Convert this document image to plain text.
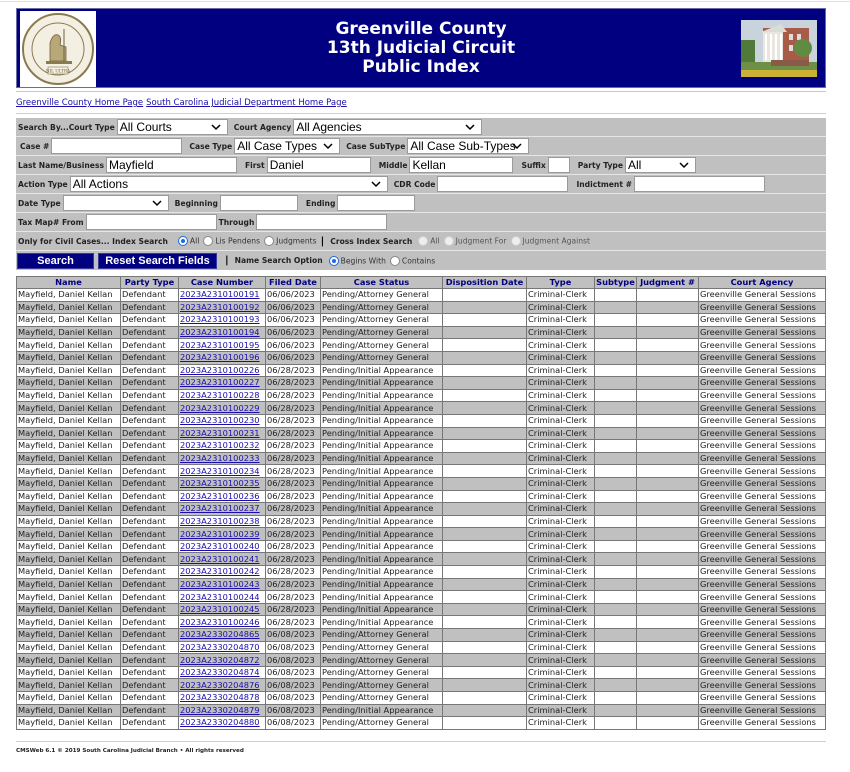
NIL ULTRA
Greenville County
13th Judicial Circuit
Public Index
Greenville County Home Page South Carolina Judicial Department Home Page
Search By...Court Type All Courts	Court Agency All Agencies
Case #	Case Type All Case Types	Case SubType All Case Sub-Types
Last Name/Business Mayfield	First Daniel	Middle Kellan	Suffix	Party Type All
Action Type All Actions	CDR Code	Indictment #
Date Type	Beginning	Ending
Tax Map# From	Through
Only for Civil Cases... Index Search	All	Lis Pendens	Judgments | Cross Index Search	All	Judgment For	Judgment Against
Search	Reset Search Fields	| Name Search Option	Begins With	Contains
Name	Party Type	Case Number	Filed Date	Case Status	Disposition Date	Type	Subtype	Judgment #	Court Agency
Mayfield, Daniel Kellan	Defendant	2023A2310100191	06/06/2023	Pending/Attorney General		Criminal-Clerk			Greenville General Sessions
Mayfield, Daniel Kellan	Defendant	2023A2310100192	06/06/2023	Pending/Attorney General		Criminal-Clerk			Greenville General Sessions
Mayfield, Daniel Kellan	Defendant	2023A2310100193	06/06/2023	Pending/Attorney General		Criminal-Clerk			Greenville General Sessions
Mayfield, Daniel Kellan	Defendant	2023A2310100194	06/06/2023	Pending/Attorney General		Criminal-Clerk			Greenville General Sessions
Mayfield, Daniel Kellan	Defendant	2023A2310100195	06/06/2023	Pending/Attorney General		Criminal-Clerk			Greenville General Sessions
Mayfield, Daniel Kellan	Defendant	2023A2310100196	06/06/2023	Pending/Attorney General		Criminal-Clerk			Greenville General Sessions
Mayfield, Daniel Kellan	Defendant	2023A2310100226	06/28/2023	Pending/Initial Appearance		Criminal-Clerk			Greenville General Sessions
Mayfield, Daniel Kellan	Defendant	2023A2310100227	06/28/2023	Pending/Initial Appearance		Criminal-Clerk			Greenville General Sessions
Mayfield, Daniel Kellan	Defendant	2023A2310100228	06/28/2023	Pending/Initial Appearance		Criminal-Clerk			Greenville General Sessions
Mayfield, Daniel Kellan	Defendant	2023A2310100229	06/28/2023	Pending/Initial Appearance		Criminal-Clerk			Greenville General Sessions
Mayfield, Daniel Kellan	Defendant	2023A2310100230	06/28/2023	Pending/Initial Appearance		Criminal-Clerk			Greenville General Sessions
Mayfield, Daniel Kellan	Defendant	2023A2310100231	06/28/2023	Pending/Initial Appearance		Criminal-Clerk			Greenville General Sessions
Mayfield, Daniel Kellan	Defendant	2023A2310100232	06/28/2023	Pending/Initial Appearance		Criminal-Clerk			Greenville General Sessions
Mayfield, Daniel Kellan	Defendant	2023A2310100233	06/28/2023	Pending/Initial Appearance		Criminal-Clerk			Greenville General Sessions
Mayfield, Daniel Kellan	Defendant	2023A2310100234	06/28/2023	Pending/Initial Appearance		Criminal-Clerk			Greenville General Sessions
Mayfield, Daniel Kellan	Defendant	2023A2310100235	06/28/2023	Pending/Initial Appearance		Criminal-Clerk			Greenville General Sessions
Mayfield, Daniel Kellan	Defendant	2023A2310100236	06/28/2023	Pending/Initial Appearance		Criminal-Clerk			Greenville General Sessions
Mayfield, Daniel Kellan	Defendant	2023A2310100237	06/28/2023	Pending/Initial Appearance		Criminal-Clerk			Greenville General Sessions
Mayfield, Daniel Kellan	Defendant	2023A2310100238	06/28/2023	Pending/Initial Appearance		Criminal-Clerk			Greenville General Sessions
Mayfield, Daniel Kellan	Defendant	2023A2310100239	06/28/2023	Pending/Initial Appearance		Criminal-Clerk			Greenville General Sessions
Mayfield, Daniel Kellan	Defendant	2023A2310100240	06/28/2023	Pending/Initial Appearance		Criminal-Clerk			Greenville General Sessions
Mayfield, Daniel Kellan	Defendant	2023A2310100241	06/28/2023	Pending/Initial Appearance		Criminal-Clerk			Greenville General Sessions
Mayfield, Daniel Kellan	Defendant	2023A2310100242	06/28/2023	Pending/Initial Appearance		Criminal-Clerk			Greenville General Sessions
Mayfield, Daniel Kellan	Defendant	2023A2310100243	06/28/2023	Pending/Initial Appearance		Criminal-Clerk			Greenville General Sessions
Mayfield, Daniel Kellan	Defendant	2023A2310100244	06/28/2023	Pending/Initial Appearance		Criminal-Clerk			Greenville General Sessions
Mayfield, Daniel Kellan	Defendant	2023A2310100245	06/28/2023	Pending/Initial Appearance		Criminal-Clerk			Greenville General Sessions
Mayfield, Daniel Kellan	Defendant	2023A2310100246	06/28/2023	Pending/Initial Appearance		Criminal-Clerk			Greenville General Sessions
Mayfield, Daniel Kellan	Defendant	2023A2330204865	06/08/2023	Pending/Attorney General		Criminal-Clerk			Greenville General Sessions
Mayfield, Daniel Kellan	Defendant	2023A2330204870	06/08/2023	Pending/Attorney General		Criminal-Clerk			Greenville General Sessions
Mayfield, Daniel Kellan	Defendant	2023A2330204872	06/08/2023	Pending/Attorney General		Criminal-Clerk			Greenville General Sessions
Mayfield, Daniel Kellan	Defendant	2023A2330204874	06/08/2023	Pending/Attorney General		Criminal-Clerk			Greenville General Sessions
Mayfield, Daniel Kellan	Defendant	2023A2330204876	06/08/2023	Pending/Attorney General		Criminal-Clerk			Greenville General Sessions
Mayfield, Daniel Kellan	Defendant	2023A2330204878	06/08/2023	Pending/Attorney General		Criminal-Clerk			Greenville General Sessions
Mayfield, Daniel Kellan	Defendant	2023A2330204879	06/08/2023	Pending/Initial Appearance		Criminal-Clerk			Greenville General Sessions
Mayfield, Daniel Kellan	Defendant	2023A2330204880	06/08/2023	Pending/Attorney General		Criminal-Clerk			Greenville General Sessions
CMSWeb 6.1 © 2019 South Carolina Judicial Branch • All rights reserved
